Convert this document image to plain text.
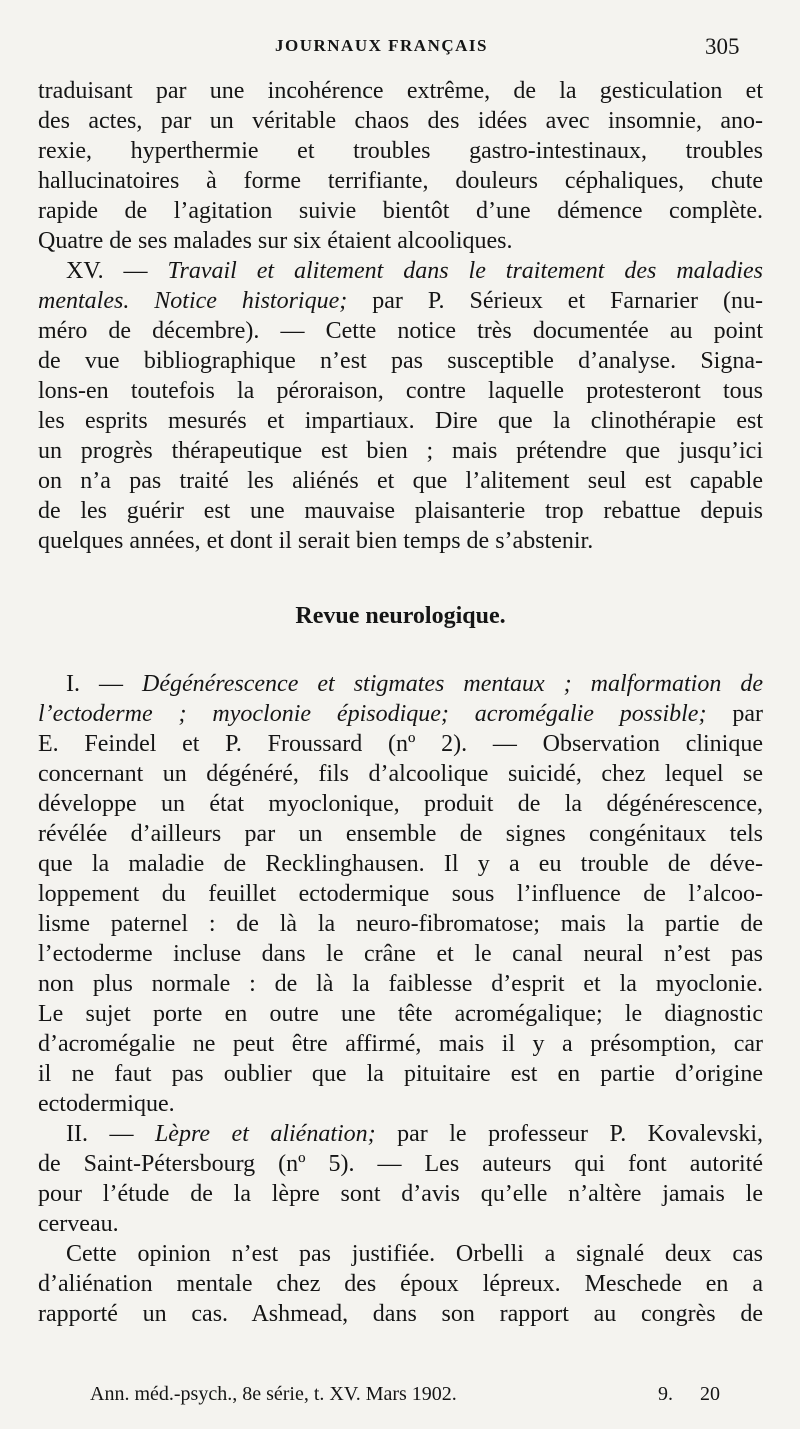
JOURNAUX FRANÇAIS	305
traduisant par une incohérence extrême, de la gesticulation et
des actes, par un véritable chaos des idées avec insomnie, ano-
rexie, hyperthermie et troubles gastro-intestinaux, troubles
hallucinatoires à forme terrifiante, douleurs céphaliques, chute
rapide de l’agitation suivie bientôt d’une démence complète.
Quatre de ses malades sur six étaient alcooliques.
XV. — Travail et alitement dans le traitement des maladies
mentales. Notice historique; par P. Sérieux et Farnarier (nu-
méro de décembre). — Cette notice très documentée au point
de vue bibliographique n’est pas susceptible d’analyse. Signa-
lons-en toutefois la péroraison, contre laquelle protesteront tous
les esprits mesurés et impartiaux. Dire que la clinothérapie est
un progrès thérapeutique est bien ; mais prétendre que jusqu’ici
on n’a pas traité les aliénés et que l’alitement seul est capable
de les guérir est une mauvaise plaisanterie trop rebattue depuis
quelques années, et dont il serait bien temps de s’abstenir.
Revue neurologique.
I. — Dégénérescence et stigmates mentaux ; malformation de
l’ectoderme ; myoclonie épisodique; acromégalie possible; par
E. Feindel et P. Froussard (nº 2). — Observation clinique
concernant un dégénéré, fils d’alcoolique suicidé, chez lequel se
développe un état myoclonique, produit de la dégénérescence,
révélée d’ailleurs par un ensemble de signes congénitaux tels
que la maladie de Recklinghausen. Il y a eu trouble de déve-
loppement du feuillet ectodermique sous l’influence de l’alcoo-
lisme paternel : de là la neuro-fibromatose; mais la partie de
l’ectoderme incluse dans le crâne et le canal neural n’est pas
non plus normale : de là la faiblesse d’esprit et la myoclonie.
Le sujet porte en outre une tête acromégalique; le diagnostic
d’acromégalie ne peut être affirmé, mais il y a présomption, car
il ne faut pas oublier que la pituitaire est en partie d’origine
ectodermique.
II. — Lèpre et aliénation; par le professeur P. Kovalevski,
de Saint-Pétersbourg (nº 5). — Les auteurs qui font autorité
pour l’étude de la lèpre sont d’avis qu’elle n’altère jamais le
cerveau.
Cette opinion n’est pas justifiée. Orbelli a signalé deux cas
d’aliénation mentale chez des époux lépreux. Meschede en a
rapporté un cas. Ashmead, dans son rapport au congrès de
Ann. méd.-psych., 8e série, t. XV. Mars 1902.	9. 20
